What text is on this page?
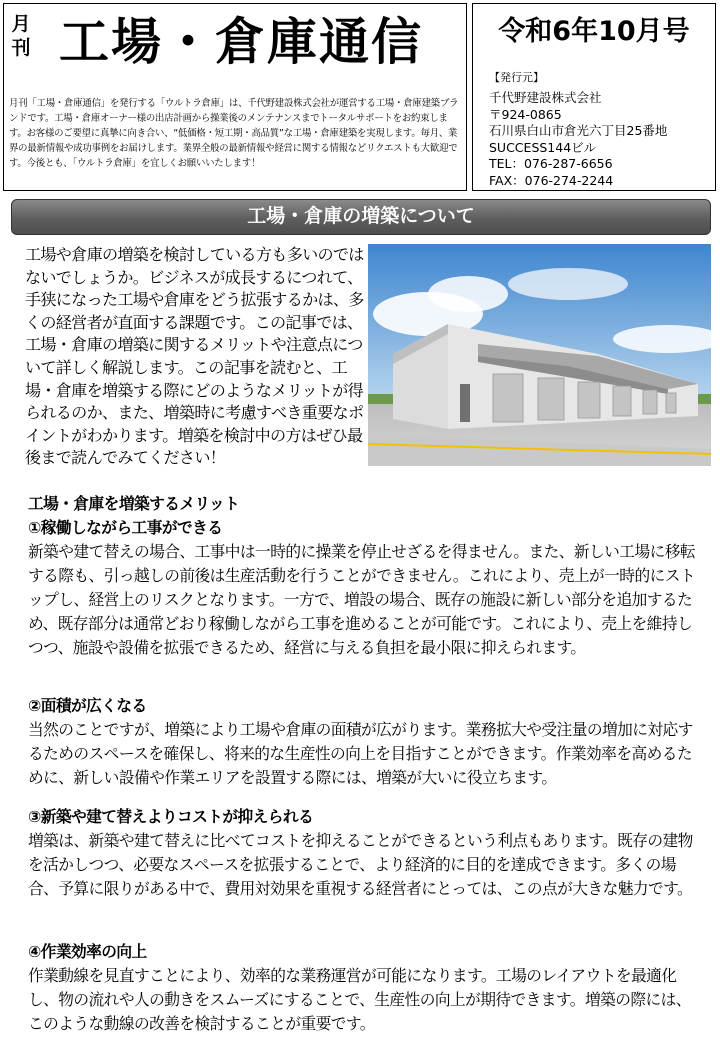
月刊 工場・倉庫通信
月刊「工場・倉庫通信」を発行する「ウルトラ倉庫」は、千代野建設株式会社が運営する工場・倉庫建築ブランドです。工場・倉庫オーナー様の出店計画から操業後のメンテナンスまでトータルサポートをお約束します。お客様のご要望に真摯に向き合い、“低価格・短工期・高品質”な工場・倉庫建築を実現します。毎月、業界の最新情報や成功事例をお届けします。業界全般の最新情報や経営に関する情報などリクエストも大歓迎です。今後とも、「ウルトラ倉庫」を宜しくお願いいたします！
令和6年10月号
【発行元】
千代野建設株式会社
〒924-0865
石川県白山市倉光六丁目25番地
SUCCESS144ビル
TEL：076-287-6656
FAX：076-274-2244
工場・倉庫の増築について
工場や倉庫の増築を検討している方も多いのではないでしょうか。ビジネスが成長するにつれて、手狭になった工場や倉庫をどう拡張するかは、多くの経営者が直面する課題です。この記事では、工場・倉庫の増築に関するメリットや注意点について詳しく解説します。この記事を読むと、工場・倉庫を増築する際にどのようなメリットが得られるのか、また、増築時に考慮すべき重要なポイントがわかります。増築を検討中の方はぜひ最後まで読んでみてください！

工場・倉庫を増築するメリット

①稼働しながら工事ができる

新築や建て替えの場合、工事中は一時的に操業を停止せざるを得ません。また、新しい工場に移転する際も、引っ越しの前後は生産活動を行うことができません。これにより、売上が一時的にストップし、経営上のリスクとなります。一方で、増設の場合、既存の施設に新しい部分を追加するため、既存部分は通常どおり稼働しながら工事を進めることが可能です。これにより、売上を維持しつつ、施設や設備を拡張できるため、経営に与える負担を最小限に抑えられます。

②面積が広くなる

当然のことですが、増築により工場や倉庫の面積が広がります。業務拡大や受注量の増加に対応するためのスペースを確保し、将来的な生産性の向上を目指すことができます。作業効率を高めるために、新しい設備や作業エリアを設置する際には、増築が大いに役立ちます。

③新築や建て替えよりコストが抑えられる

増築は、新築や建て替えに比べてコストを抑えることができるという利点もあります。既存の建物を活かしつつ、必要なスペースを拡張することで、より経済的に目的を達成できます。多くの場合、予算に限りがある中で、費用対効果を重視する経営者にとっては、この点が大きな魅力です。

④作業効率の向上

作業動線を見直すことにより、効率的な業務運営が可能になります。工場のレイアウトを最適化し、物の流れや人の動きをスムーズにすることで、生産性の向上が期待できます。増築の際には、このような動線の改善を検討することが重要です。
